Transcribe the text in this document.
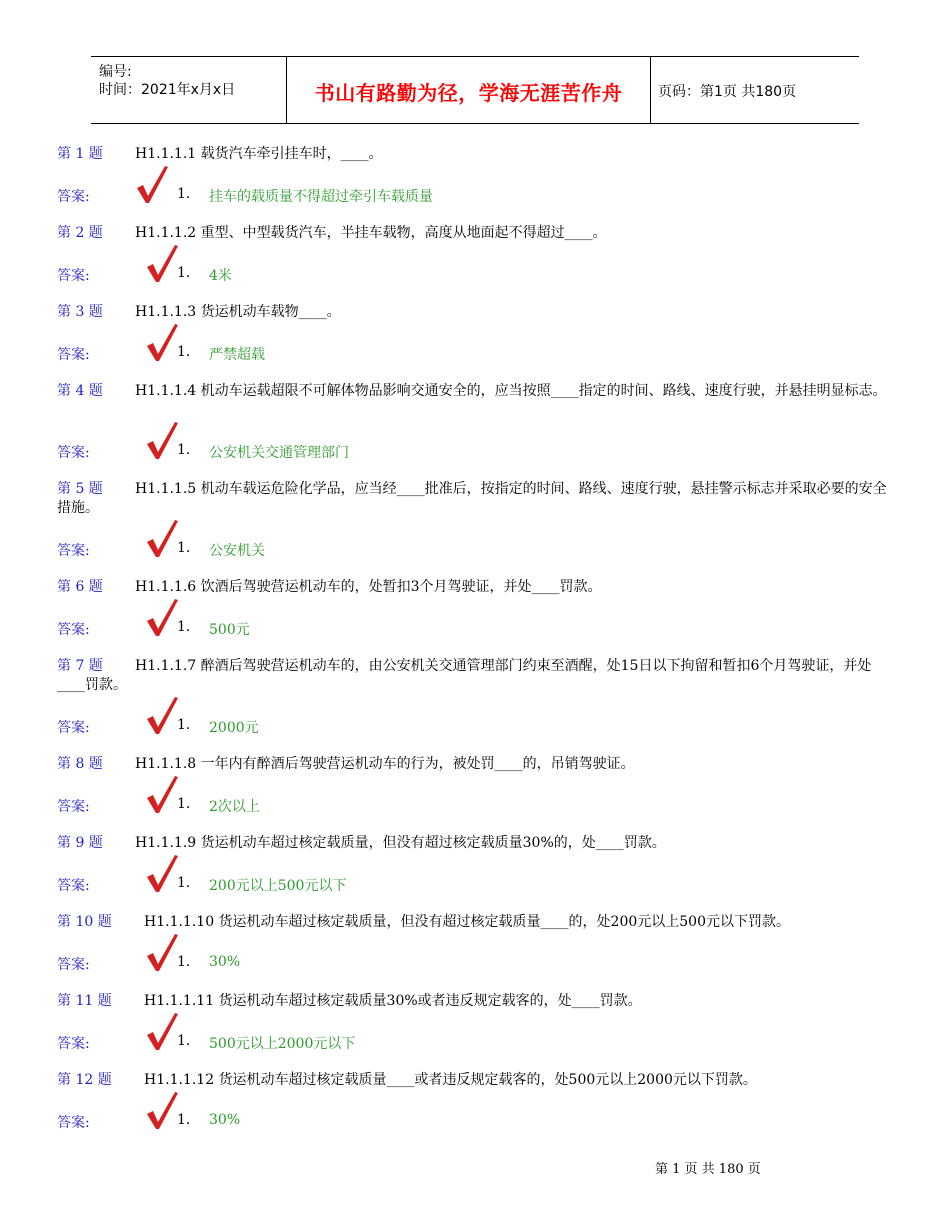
编号:
时间：2021年x月x日	书山有路勤为径，学海无涯苦作舟	页码：第1页 共180页
第 1 题 H1.1.1.1 载货汽车牵引挂车时，____。
答案:	1. 挂车的载质量不得超过牵引车载质量
第 2 题 H1.1.1.2 重型、中型载货汽车，半挂车载物，高度从地面起不得超过____。
答案:	1. 4米
第 3 题 H1.1.1.3 货运机动车载物____。
答案:	1. 严禁超载
第 4 题 H1.1.1.4 机动车运载超限不可解体物品影响交通安全的，应当按照____指定的时间、路线、速度行驶，并悬挂明显标志。
答案:	1. 公安机关交通管理部门
第 5 题 H1.1.1.5 机动车载运危险化学品，应当经____批准后，按指定的时间、路线、速度行驶，悬挂警示标志并采取必要的安全措施。
答案:	1. 公安机关
第 6 题 H1.1.1.6 饮酒后驾驶营运机动车的，处暂扣3个月驾驶证，并处____罚款。
答案:	1. 500元
第 7 题 H1.1.1.7 醉酒后驾驶营运机动车的，由公安机关交通管理部门约束至酒醒，处15日以下拘留和暂扣6个月驾驶证，并处____罚款。
答案:	1. 2000元
第 8 题 H1.1.1.8 一年内有醉酒后驾驶营运机动车的行为，被处罚____的，吊销驾驶证。
答案:	1. 2次以上
第 9 题 H1.1.1.9 货运机动车超过核定载质量，但没有超过核定载质量30%的，处____罚款。
答案:	1. 200元以上500元以下
第 10 题 H1.1.1.10 货运机动车超过核定载质量，但没有超过核定载质量____的，处200元以上500元以下罚款。
答案:	1. 30%
第 11 题 H1.1.1.11 货运机动车超过核定载质量30%或者违反规定载客的，处____罚款。
答案:	1. 500元以上2000元以下
第 12 题 H1.1.1.12 货运机动车超过核定载质量____或者违反规定载客的，处500元以上2000元以下罚款。
答案:	1. 30%
第 1 页 共 180 页
